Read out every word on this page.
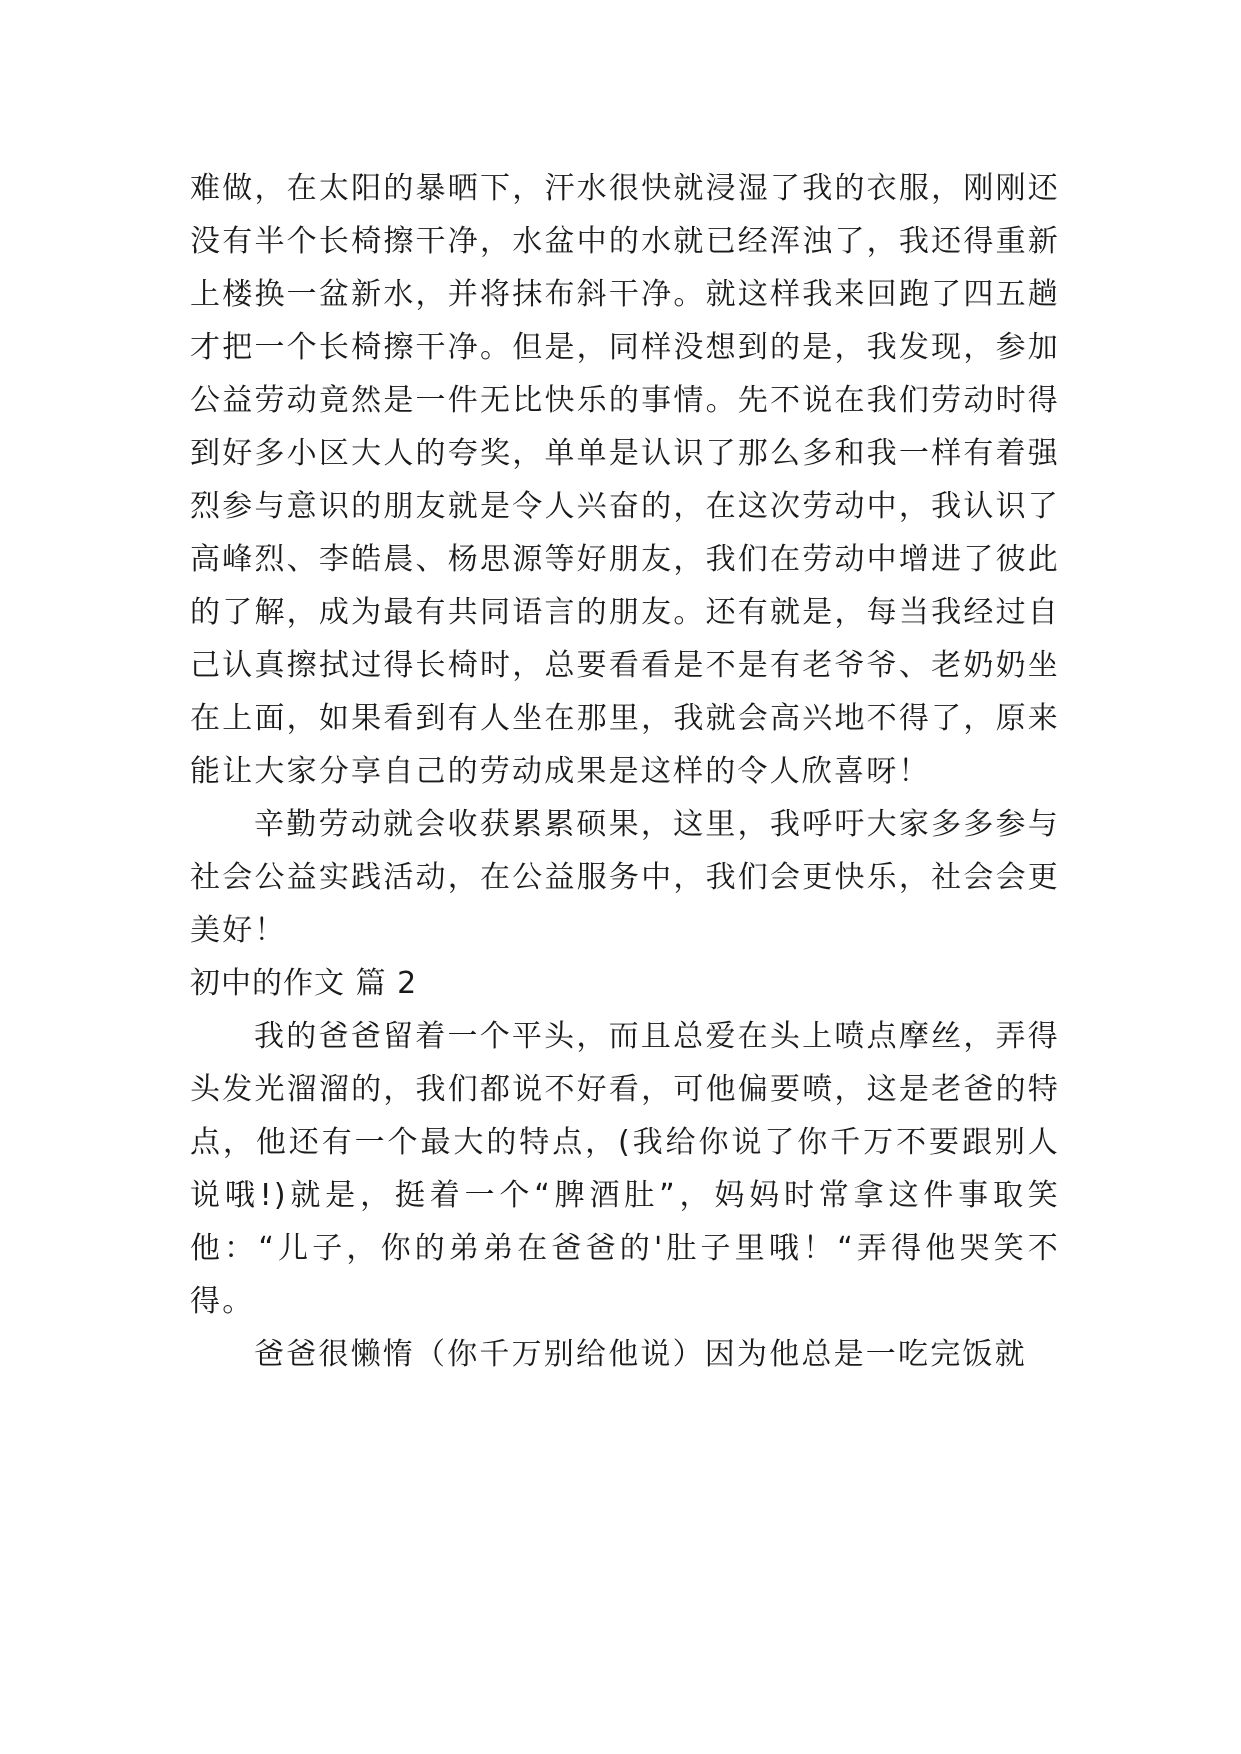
难做，在太阳的暴晒下，汗水很快就浸湿了我的衣服，刚刚还没有半个长椅擦干净，水盆中的水就已经浑浊了，我还得重新上楼换一盆新水，并将抹布斜干净。就这样我来回跑了四五趟才把一个长椅擦干净。但是，同样没想到的是，我发现，参加公益劳动竟然是一件无比快乐的事情。先不说在我们劳动时得到好多小区大人的夸奖，单单是认识了那么多和我一样有着强烈参与意识的朋友就是令人兴奋的，在这次劳动中，我认识了高峰烈、李皓晨、杨思源等好朋友，我们在劳动中增进了彼此的了解，成为最有共同语言的朋友。还有就是，每当我经过自己认真擦拭过得长椅时，总要看看是不是有老爷爷、老奶奶坐在上面，如果看到有人坐在那里，我就会高兴地不得了，原来能让大家分享自己的劳动成果是这样的令人欣喜呀！

辛勤劳动就会收获累累硕果，这里，我呼吁大家多多参与社会公益实践活动，在公益服务中，我们会更快乐，社会会更美好！

初中的作文 篇 2

我的爸爸留着一个平头，而且总爱在头上喷点摩丝，弄得头发光溜溜的，我们都说不好看，可他偏要喷，这是老爸的特点，他还有一个最大的特点，(我给你说了你千万不要跟别人说哦!)就是，挺着一个“脾酒肚”，妈妈时常拿这件事取笑他：“儿子，你的弟弟在爸爸的'肚子里哦！“弄得他哭笑不得。

爸爸很懒惰（你千万别给他说）因为他总是一吃完饭就
